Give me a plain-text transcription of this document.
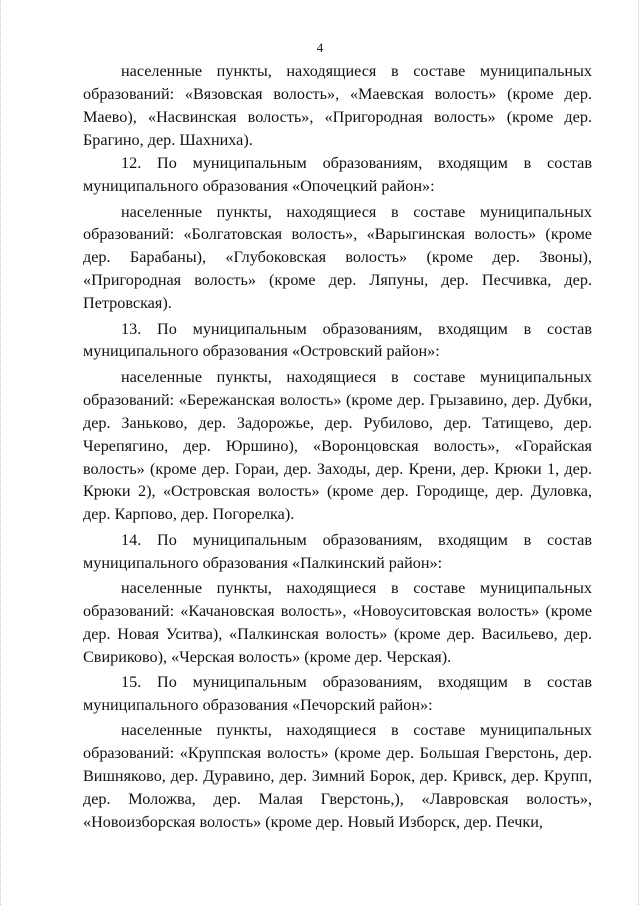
4

населенные пункты, находящиеся в составе муниципальных образований: «Вязовская волость», «Маевская волость» (кроме дер. Маево), «Насвинская волость», «Пригородная волость» (кроме дер. Брагино, дер. Шахниха).

12. По муниципальным образованиям, входящим в состав муниципального образования «Опочецкий район»:

населенные пункты, находящиеся в составе муниципальных образований: «Болгатовская волость», «Варыгинская волость» (кроме дер. Барабаны), «Глубоковская волость» (кроме дер. Звоны), «Пригородная волость» (кроме дер. Ляпуны, дер. Песчивка, дер. Петровская).

13. По муниципальным образованиям, входящим в состав муниципального образования «Островский район»:

населенные пункты, находящиеся в составе муниципальных образований: «Бережанская волость» (кроме дер. Грызавино, дер. Дубки, дер. Заньково, дер. Задорожье, дер. Рубилово, дер. Татищево, дер. Черепягино, дер. Юршино), «Воронцовская волость», «Горайская волость» (кроме дер. Гораи, дер. Заходы, дер. Крени, дер. Крюки 1, дер. Крюки 2), «Островская волость» (кроме дер. Городище, дер. Дуловка, дер. Карпово, дер. Погорелка).

14. По муниципальным образованиям, входящим в состав муниципального образования «Палкинский район»:

населенные пункты, находящиеся в составе муниципальных образований: «Качановская волость», «Новоуситовская волость» (кроме дер. Новая Уситва), «Палкинская волость» (кроме дер. Васильево, дер. Свириково), «Черская волость» (кроме дер. Черская).

15. По муниципальным образованиям, входящим в состав муниципального образования «Печорский район»:

населенные пункты, находящиеся в составе муниципальных образований: «Круппская волость» (кроме дер. Большая Гверстонь, дер. Вишняково, дер. Дуравино, дер. Зимний Борок, дер. Кривск, дер. Крупп, дер. Моложва, дер. Малая Гверстонь,), «Лавровская волость», «Новоизборская волость» (кроме дер. Новый Изборск, дер. Печки,
